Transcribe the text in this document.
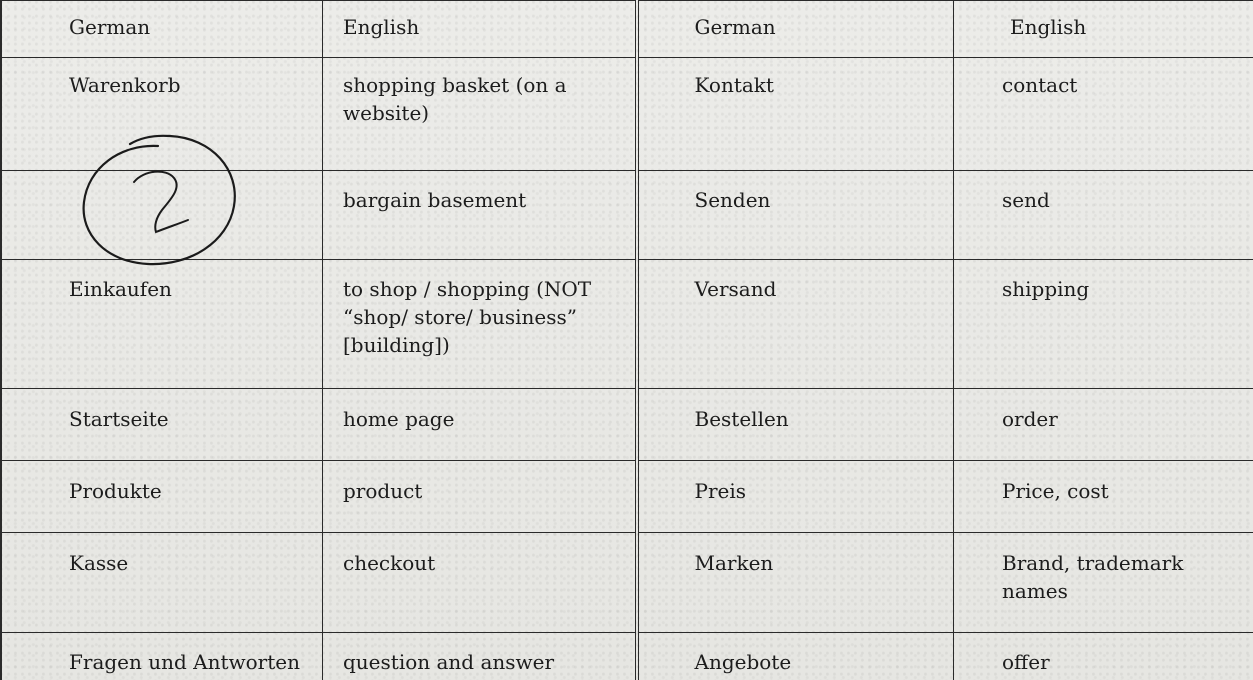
German	English	German	English
Warenkorb	shopping basket (on a website)	Kontakt	contact
	bargain basement	Senden	send
Einkaufen	to shop / shopping (NOT “shop/ store/ business” [building])	Versand	shipping
Startseite	home page	Bestellen	order
Produkte	product	Preis	Price, cost
Kasse	checkout	Marken	Brand, trademark names
Fragen und Antworten	question and answer	Angebote	offer
